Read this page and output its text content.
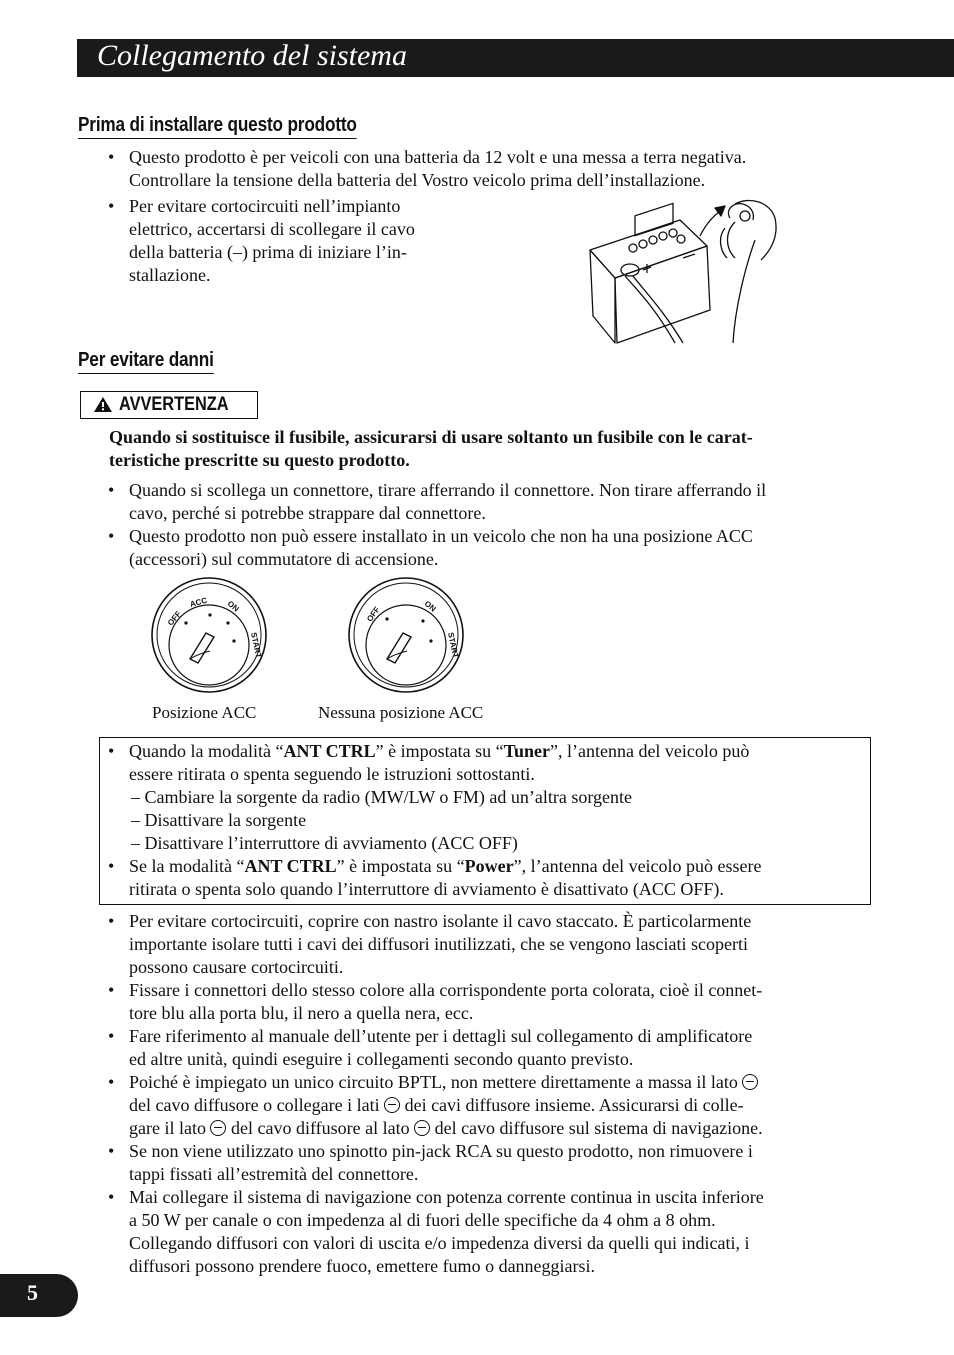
Collegamento del sistema
Prima di installare questo prodotto
• Questo prodotto è per veicoli con una batteria da 12 volt e una messa a terra negativa.
Controllare la tensione della batteria del Vostro veicolo prima dell’installazione.
• Per evitare cortocircuiti nell’impianto
elettrico, accertarsi di scollegare il cavo
della batteria (–) prima di iniziare l’in-
stallazione.
Per evitare danni
AVVERTENZA
Quando si sostituisce il fusibile, assicurarsi di usare soltanto un fusibile con le carat-
teristiche prescritte su questo prodotto.
• Quando si scollega un connettore, tirare afferrando il connettore. Non tirare afferrando il
cavo, perché si potrebbe strappare dal connettore.
• Questo prodotto non può essere installato in un veicolo che non ha una posizione ACC
(accessori) sul commutatore di accensione.
OFF
ACC ON
START
Posizione ACC
OFF	ON
START
Nessuna posizione ACC
• Quando la modalità “ANT CTRL” è impostata su “Tuner”, l’antenna del veicolo può
essere ritirata o spenta seguendo le istruzioni sottostanti.
– Cambiare la sorgente da radio (MW/LW o FM) ad un’altra sorgente
– Disattivare la sorgente
– Disattivare l’interruttore di avviamento (ACC OFF)
• Se la modalità “ANT CTRL” è impostata su “Power”, l’antenna del veicolo può essere
ritirata o spenta solo quando l’interruttore di avviamento è disattivato (ACC OFF).
• Per evitare cortocircuiti, coprire con nastro isolante il cavo staccato. È particolarmente
importante isolare tutti i cavi dei diffusori inutilizzati, che se vengono lasciati scoperti
possono causare cortocircuiti.
• Fissare i connettori dello stesso colore alla corrispondente porta colorata, cioè il connet-
tore blu alla porta blu, il nero a quella nera, ecc.
• Fare riferimento al manuale dell’utente per i dettagli sul collegamento di amplificatore
ed altre unità, quindi eseguire i collegamenti secondo quanto previsto.
• Poiché è impiegato un unico circuito BPTL, non mettere direttamente a massa il lato
del cavo diffusore o collegare i lati dei cavi diffusore insieme. Assicurarsi di colle-
gare il lato del cavo diffusore al lato del cavo diffusore sul sistema di navigazione.
• Se non viene utilizzato uno spinotto pin-jack RCA su questo prodotto, non rimuovere i
tappi fissati all’estremità del connettore.
• Mai collegare il sistema di navigazione con potenza corrente continua in uscita inferiore
a 50 W per canale o con impedenza al di fuori delle specifiche da 4 ohm a 8 ohm.
Collegando diffusori con valori di uscita e/o impedenza diversi da quelli qui indicati, i
diffusori possono prendere fuoco, emettere fumo o danneggiarsi.
5
